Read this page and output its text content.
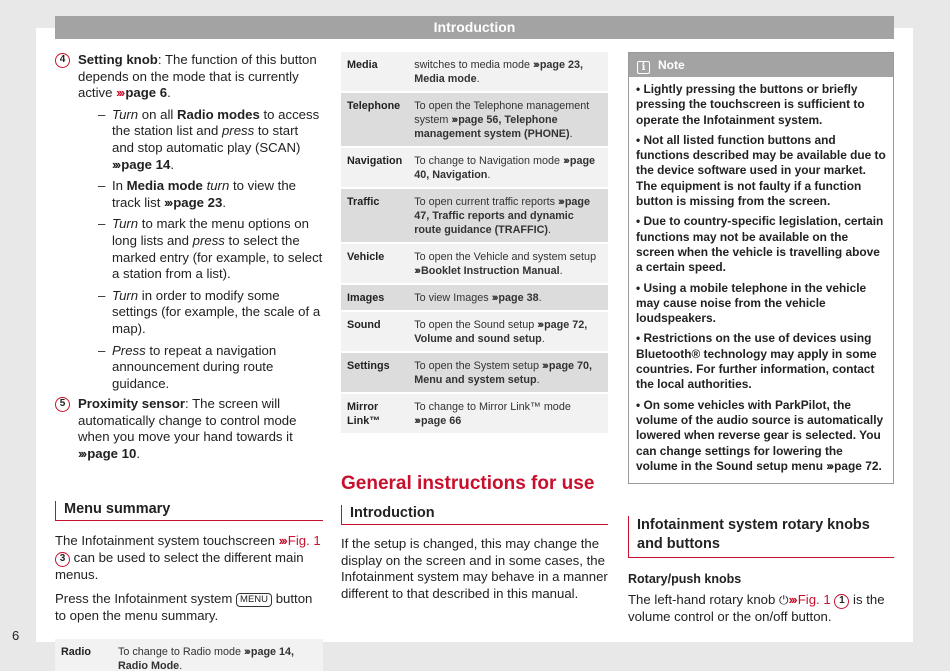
Introduction
4 Setting knob: The function of this button depends on the mode that is currently active ››› page 6.
– Turn on all Radio modes to access the station list and press to start and stop automatic play (SCAN) ››› page 14.
– In Media mode turn to view the track list ››› page 23.
– Turn to mark the menu options on long lists and press to select the marked entry (for example, to select a station from a list).
– Turn in order to modify some settings (for example, the scale of a map).
– Press to repeat a navigation announcement during route guidance.
5 Proximity sensor: The screen will automatically change to control mode when you move your hand towards it ››› page 10.
Menu summary

The Infotainment system touchscreen ››› Fig. 1 3 can be used to select the different main menus.

Press the Infotainment system MENU button to open the menu summary.

Radio	To change to Radio mode ››› page 14, Radio Mode.
Media	switches to media mode ››› page 23, Media mode.
Telephone	To open the Telephone management system ››› page 56, Telephone management system (PHONE).
Navigation	To change to Navigation mode ››› page 40, Navigation.
Traffic	To open current traffic reports ››› page 47, Traffic reports and dynamic route guidance (TRAFFIC).
Vehicle	To open the Vehicle and system setup ››› Booklet Instruction Manual.
Images	To view Images ››› page 38.
Sound	To open the Sound setup ››› page 72, Volume and sound setup.
Settings	To open the System setup ››› page 70, Menu and system setup.
Mirror Link™	To change to Mirror Link™ mode ››› page 66
General instructions for use
Introduction

If the setup is changed, this may change the display on the screen and in some cases, the Infotainment system may behave in a manner different to that described in this manual.

i Note

• Lightly pressing the buttons or briefly pressing the touchscreen is sufficient to operate the Infotainment system.

• Not all listed function buttons and functions described may be available due to the device software used in your market. The equipment is not faulty if a function button is missing from the screen.

• Due to country-specific legislation, certain functions may not be available on the screen when the vehicle is travelling above a certain speed.

• Using a mobile telephone in the vehicle may cause noise from the vehicle loudspeakers.

• Restrictions on the use of devices using Bluetooth® technology may apply in some countries. For further information, contact the local authorities.

• On some vehicles with ParkPilot, the volume of the audio source is automatically lowered when reverse gear is selected. You can change settings for lowering the volume in the Sound setup menu ››› page 72.

Infotainment system rotary knobs and buttons
Rotary/push knobs

The left-hand rotary knob ⏻››› Fig. 1 1 is the volume control or the on/off button.

6
